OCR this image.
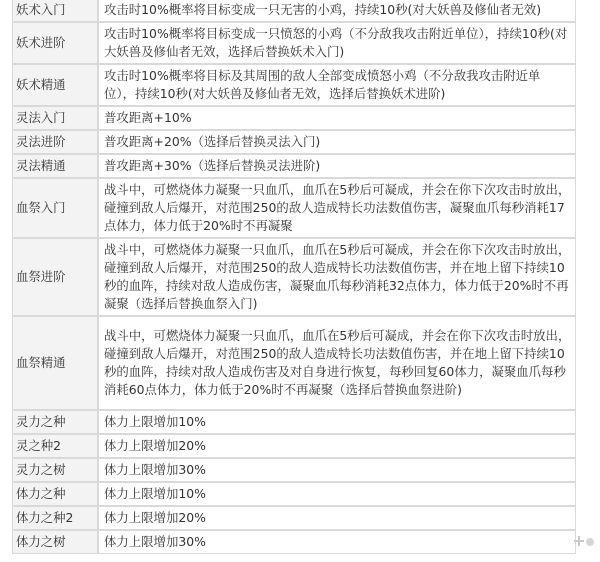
妖术入门	攻击时10%概率将目标变成一只无害的小鸡，持续10秒(对大妖兽及修仙者无效)
妖术进阶	攻击时10%概率将目标变成一只愤怒的小鸡（不分敌我攻击附近单位），持续10秒(对大妖兽及修仙者无效，选择后替换妖术入门)
妖术精通	攻击时10%概率将目标及其周围的敌人全部变成愤怒小鸡（不分敌我攻击附近单位），持续10秒(对大妖兽及修仙者无效，选择后替换妖术进阶)
灵法入门	普攻距离+10%
灵法进阶	普攻距离+20%（选择后替换灵法入门)
灵法精通	普攻距离+30%（选择后替换灵法进阶)
血祭入门	战斗中，可燃烧体力凝聚一只血爪，血爪在5秒后可凝成，并会在你下次攻击时放出，碰撞到敌人后爆开，对范围250的敌人造成特长功法数值伤害，凝聚血爪每秒消耗17点体力，体力低于20%时不再凝聚
血祭进阶	战斗中，可燃烧体力凝聚一只血爪，血爪在5秒后可凝成，并会在你下次攻击时放出，碰撞到敌人后爆开，对范围250的敌人造成特长功法数值伤害，并在地上留下持续10秒的血阵，持续对敌人造成伤害，凝聚血爪每秒消耗32点体力，体力低于20%时不再凝聚（选择后替换血祭入门)
血祭精通	战斗中，可燃烧体力凝聚一只血爪，血爪在5秒后可凝成，并会在你下次攻击时放出，碰撞到敌人后爆开，对范围250的敌人造成特长功法数值伤害，并在地上留下持续10秒的血阵，持续对敌人造成伤害及对自身进行恢复，每秒回复60体力，凝聚血爪每秒消耗60点体力，体力低于20%时不再凝聚（选择后替换血祭进阶)
灵力之种	体力上限增加10%
灵之种2	体力上限增加20%
灵力之树	体力上限增加30%
体力之种	体力上限增加10%
体力之种2	体力上限增加20%
体力之树	体力上限增加30%
